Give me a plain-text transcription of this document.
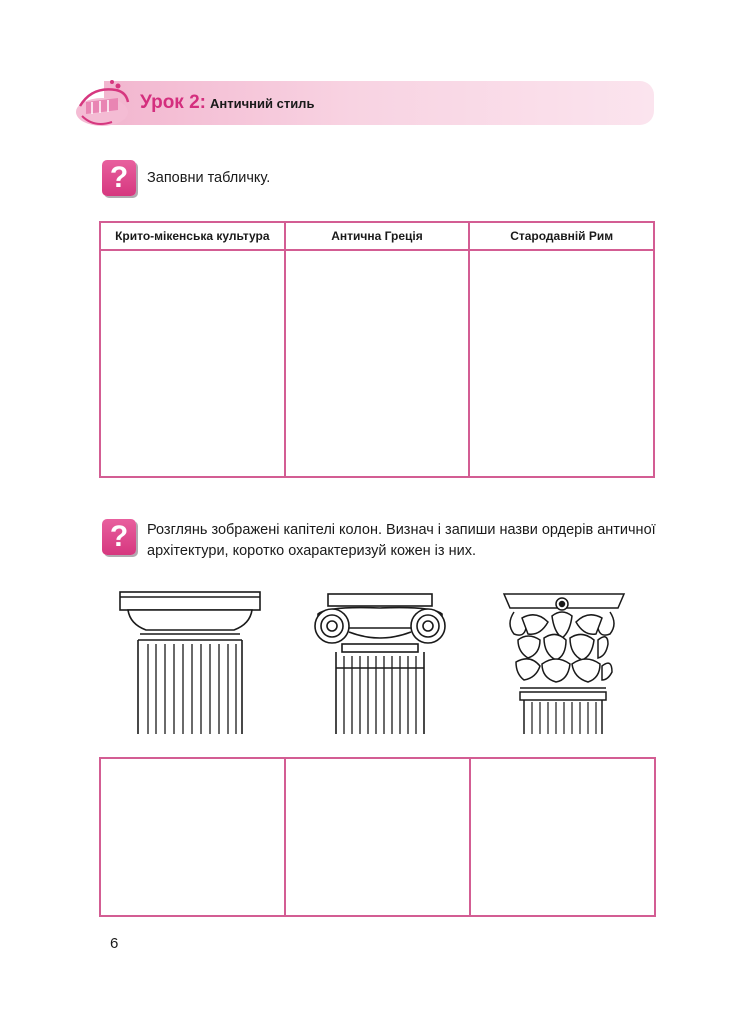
Урок 2: Античний стиль
?	Заповни табличку.
Крито-мікенська культура	Антична Греція	Стародавній Рим

?	Розглянь зображені капітелі колон. Визнач і запиши назви ордерів античної архітектури, коротко охарактеризуй кожен із них.

6
